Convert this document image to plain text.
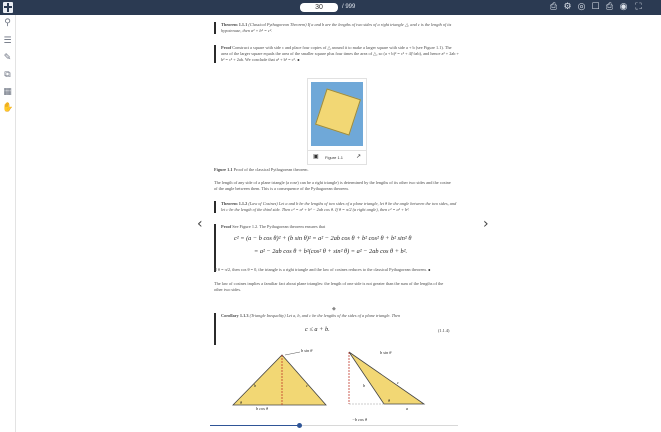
30	/ 999	⎙ ⚙ ◎ ☐ ⎙ ◉ ⛶
⚲
☰
✎
⧉
▦
✋
‹	›
Theorem 1.1.1 (Classical Pythagorean Theorem) If a and b are the lengths of two sides of a right triangle △, and c is the length of its hypotenuse, then a² + b² = c².
Proof Construct a square with side c and place four copies of △ around it to make a larger square with side a + b (see Figure 1.1). The area of the larger square equals the area of the smaller square plus four times the area of △, so (a + b)² = c² + 4(½ab), and hence a² + 2ab + b² = c² + 2ab. We conclude that a² + b² = c². ∎
▣ Figure 1.1 ↗
Figure 1.1 Proof of the classical Pythagorean theorem.
The length of any side of a plane triangle (a rose) can be a right triangle) is determined by the lengths of its other two sides and the cosine of the angle between them. This is a consequence of the Pythagorean theorem.
Theorem 1.1.2 (Law of Cosines) Let a and b be the lengths of two sides of a plane triangle, let θ be the angle between the two sides, and let c be the length of the third side. Then c² = a² + b² − 2ab cos θ. If θ = π/2 (a right angle), then c² = a² + b².
Proof See Figure 1.2. The Pythagorean theorem ensures that
c² = (a − b cos θ)² + (b sin θ)² = a² − 2ab cos θ + b² cos² θ + b² sin² θ
= a² − 2ab cos θ + b²(cos² θ + sin² θ) = a² − 2ab cos θ + b².
If θ = π/2, then cos θ = 0, the triangle is a right triangle and the law of cosines reduces to the classical Pythagorean theorem. ∎
The law of cosines implies a familiar fact about plane triangles: the length of one side is not greater than the sum of the lengths of the other two sides.
◆
Corollary 1.1.3 (Triangle Inequality) Let a, b, and c be the lengths of the sides of a plane triangle. Then
c ≤ a + b.	(1.1.4)
b sin θ
b	c
b cos θ
θ
b sin θ
b
c
a
θ
−b cos θ
